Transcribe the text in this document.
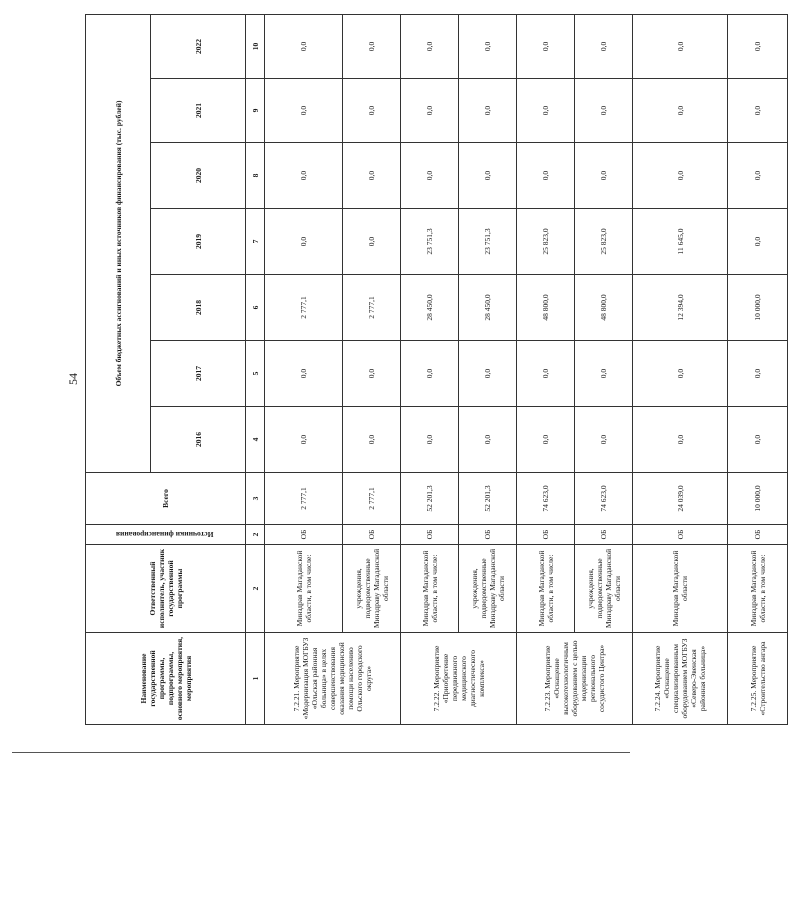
54
Наименование государственной программы, подпрограммы, основного мероприятия, мероприятия	Ответственный исполнитель, участник государственной программы	Источники финансирования	Всего	Объем бюджетных ассигнований и иных источников финансирования (тыс. рублей)						
				2016	2017	2018	2019	2020	2021	2022
1	2	2	3	4	5	6	7	8	9	10
7.2.21. Мероприятие «Модернизация МОГБУЗ «Ольская районная больница» в целях совершенствования оказания медицинской помощи населению Ольского городского округа»	Минздрав Магаданской области, в том числе:	ОБ	2 777,1	0,0	0,0	2 777,1	0,0	0,0	0,0	0,0
	учреждения, подведомственные Минздраву Магаданской области	ОБ	2 777,1	0,0	0,0	2 777,1	0,0	0,0	0,0	0,0
7.2.22. Мероприятие «Приобретение передвижного медицинского диагностического комплекса»	Минздрав Магаданской области, в том числе:	ОБ	52 201,3	0,0	0,0	28 450,0	23 751,3	0,0	0,0	0,0
	учреждения, подведомственные Минздраву Магаданской области	ОБ	52 201,3	0,0	0,0	28 450,0	23 751,3	0,0	0,0	0,0
7.2.23. Мероприятие «Оснащение высокотехнологичным оборудованием с целью модернизации регионального сосудистого Центра»	Минздрав Магаданской области, в том числе:	ОБ	74 623,0	0,0	0,0	48 800,0	25 823,0	0,0	0,0	0,0
	учреждения, подведомственные Минздраву Магаданской области	ОБ	74 623,0	0,0	0,0	48 800,0	25 823,0	0,0	0,0	0,0
7.2.24. Мероприятие «Оснащение специализированным оборудованием МОГБУЗ «Северо-Эвенская районная больница»	Минздрав Магаданской области	ОБ	24 039,0	0,0	0,0	12 394,0	11 645,0	0,0	0,0	0,0
7.2.25. Мероприятие «Строительство ангара	Минздрав Магаданской области, в том числе:	ОБ	10 000,0	0,0	0,0	10 000,0	0,0	0,0	0,0	0,0
